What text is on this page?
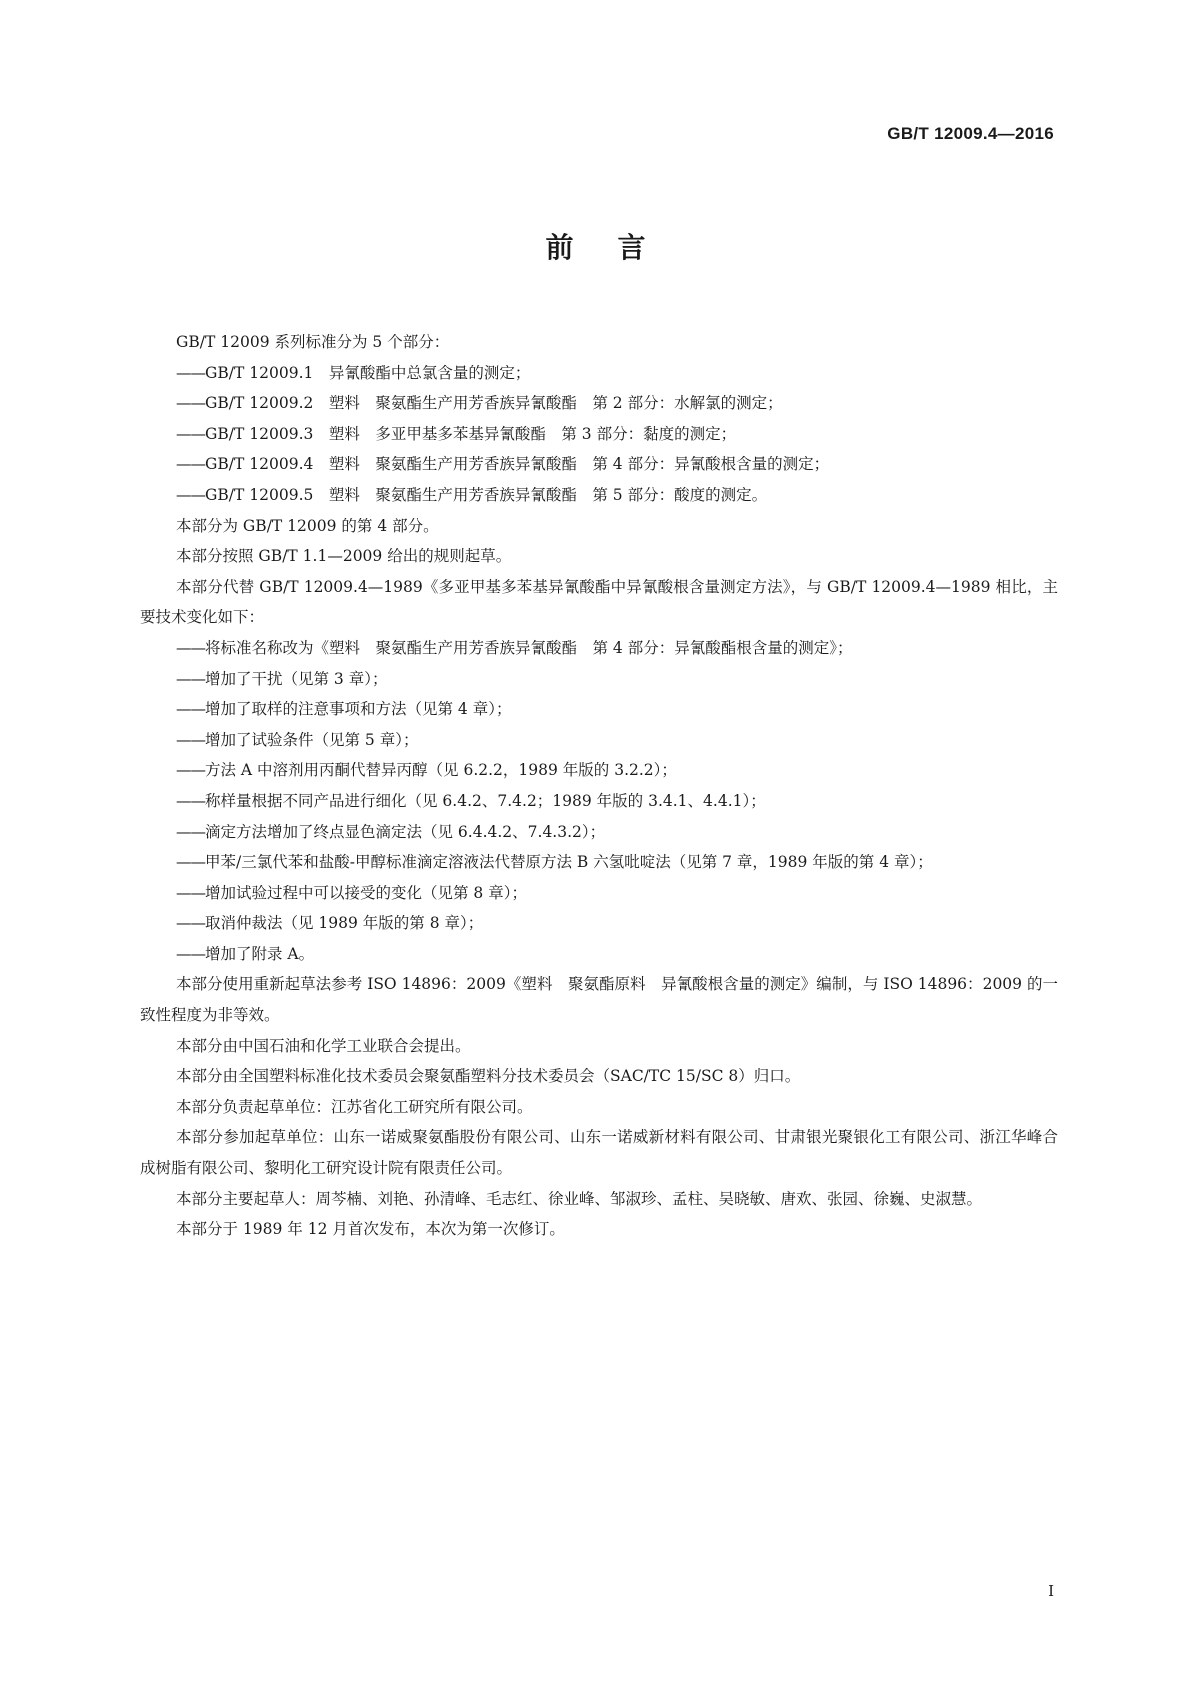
GB/T 12009.4—2016
前言
GB/T 12009 系列标准分为 5 个部分：
——GB/T 12009.1　异氰酸酯中总氯含量的测定；
——GB/T 12009.2　塑料　聚氨酯生产用芳香族异氰酸酯　第 2 部分：水解氯的测定；
——GB/T 12009.3　塑料　多亚甲基多苯基异氰酸酯　第 3 部分：黏度的测定；
——GB/T 12009.4　塑料　聚氨酯生产用芳香族异氰酸酯　第 4 部分：异氰酸根含量的测定；
——GB/T 12009.5　塑料　聚氨酯生产用芳香族异氰酸酯　第 5 部分：酸度的测定。
本部分为 GB/T 12009 的第 4 部分。
本部分按照 GB/T 1.1—2009 给出的规则起草。
本部分代替 GB/T 12009.4—1989《多亚甲基多苯基异氰酸酯中异氰酸根含量测定方法》，与 GB/T 12009.4—1989 相比，主要技术变化如下：
——将标准名称改为《塑料　聚氨酯生产用芳香族异氰酸酯　第 4 部分：异氰酸酯根含量的测定》；
——增加了干扰（见第 3 章）；
——增加了取样的注意事项和方法（见第 4 章）；
——增加了试验条件（见第 5 章）；
——方法 A 中溶剂用丙酮代替异丙醇（见 6.2.2，1989 年版的 3.2.2）；
——称样量根据不同产品进行细化（见 6.4.2、7.4.2；1989 年版的 3.4.1、4.4.1）；
——滴定方法增加了终点显色滴定法（见 6.4.4.2、7.4.3.2）；
——甲苯/三氯代苯和盐酸-甲醇标准滴定溶液法代替原方法 B 六氢吡啶法（见第 7 章，1989 年版的第 4 章）；
——增加试验过程中可以接受的变化（见第 8 章）；
——取消仲裁法（见 1989 年版的第 8 章）；
——增加了附录 A。
本部分使用重新起草法参考 ISO 14896：2009《塑料　聚氨酯原料　异氰酸根含量的测定》编制，与 ISO 14896：2009 的一致性程度为非等效。
本部分由中国石油和化学工业联合会提出。
本部分由全国塑料标准化技术委员会聚氨酯塑料分技术委员会（SAC/TC 15/SC 8）归口。
本部分负责起草单位：江苏省化工研究所有限公司。
本部分参加起草单位：山东一诺威聚氨酯股份有限公司、山东一诺威新材料有限公司、甘肃银光聚银化工有限公司、浙江华峰合成树脂有限公司、黎明化工研究设计院有限责任公司。
本部分主要起草人：周芩楠、刘艳、孙清峰、毛志红、徐业峰、邹淑珍、孟柱、吴晓敏、唐欢、张园、徐巍、史淑慧。
本部分于 1989 年 12 月首次发布，本次为第一次修订。
I
